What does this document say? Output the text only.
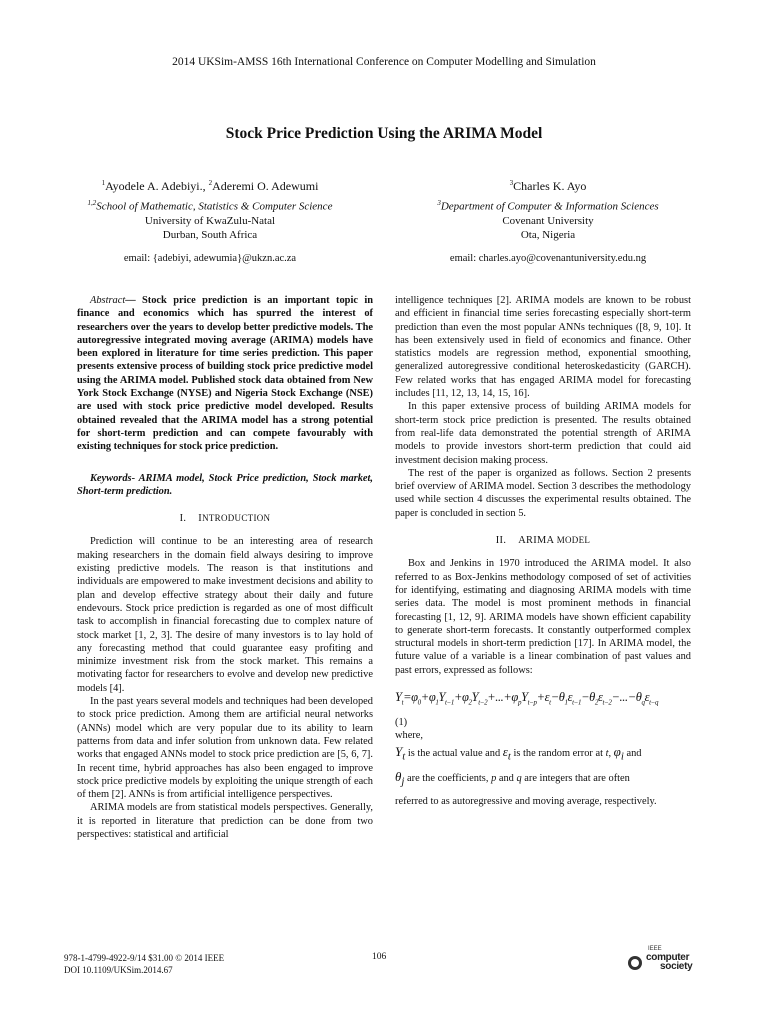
2014 UKSim-AMSS 16th International Conference on Computer Modelling and Simulation
Stock Price Prediction Using the ARIMA Model
$^1$Ayodele A. Adebiyi., $^2$Aderemi O. Adewumi
$^{1,2}$School of Mathematic, Statistics & Computer Science
University of KwaZulu-Natal
Durban, South Africa
$^3$Charles K. Ayo
$^3$Department of Computer & Information Sciences
Covenant University
Ota, Nigeria
email: {adebiyi, adewumia}@ukzn.ac.za	email: charles.ayo@covenantuniversity.edu.ng

Abstract— Stock price prediction is an important topic in finance and economics which has spurred the interest of researchers over the years to develop better predictive models. The autoregressive integrated moving average (ARIMA) models have been explored in literature for time series prediction. This paper presents extensive process of building stock price predictive model using the ARIMA model. Published stock data obtained from New York Stock Exchange (NYSE) and Nigeria Stock Exchange (NSE) are used with stock price predictive model developed. Results obtained revealed that the ARIMA model has a strong potential for short-term prediction and can compete favourably with existing techniques for stock price prediction.

Keywords- ARIMA model, Stock Price prediction, Stock market, Short-term prediction.

I. INTRODUCTION

Prediction will continue to be an interesting area of research making researchers in the domain field always desiring to improve existing predictive models. The reason is that institutions and individuals are empowered to make investment decisions and ability to plan and develop effective strategy about their daily and future endevours. Stock price prediction is regarded as one of most difficult task to accomplish in financial forecasting due to complex nature of stock market [1, 2, 3]. The desire of many investors is to lay hold of any forecasting method that could guarantee easy profiting and minimize investment risk from the stock market. This remains a motivating factor for researchers to evolve and develop new predictive models [4].

In the past years several models and techniques had been developed to stock price prediction. Among them are artificial neural networks (ANNs) model which are very popular due to its ability to learn patterns from data and infer solution from unknown data. Few related works that engaged ANNs model to stock price prediction are [5, 6, 7]. In recent time, hybrid approaches has also been engaged to improve stock price predictive models by exploiting the unique strength of each of them [2]. ANNs is from artificial intelligence perspectives.

ARIMA models are from statistical models perspectives. Generally, it is reported in literature that prediction can be done from two perspectives: statistical and artificial

intelligence techniques [2]. ARIMA models are known to be robust and efficient in financial time series forecasting especially short-term prediction than even the most popular ANNs techniques ([8, 9, 10]. It has been extensively used in field of economics and finance. Other statistics models are regression method, exponential smoothing, generalized autoregressive conditional heteroskedasticity (GARCH). Few related works that has engaged ARIMA model for forecasting includes [11, 12, 13, 14, 15, 16].

In this paper extensive process of building ARIMA models for short-term stock price prediction is presented. The results obtained from real-life data demonstrated the potential strength of ARIMA models to provide investors short-term prediction that could aid investment decision making process.

The rest of the paper is organized as follows. Section 2 presents brief overview of ARIMA model. Section 3 describes the methodology used while section 4 discusses the experimental results obtained. The paper is concluded in section 5.

II. ARIMA MODEL

Box and Jenkins in 1970 introduced the ARIMA model. It also referred to as Box-Jenkins methodology composed of set of activities for identifying, estimating and diagnosing ARIMA models with time series data. The model is most prominent methods in financial forecasting [1, 12, 9]. ARIMA models have shown efficient capability to generate short-term forecasts. It constantly outperformed complex structural models in short-term prediction [17]. In ARIMA model, the future value of a variable is a linear combination of past values and past errors, expressed as follows:

$Y_t=\varphi_0+\varphi_1Y_{t-1}+\varphi_2Y_{t-2}+...+\varphi_pY_{t-p}+\varepsilon_t-\theta_1\varepsilon_{t-1}-\theta_2\varepsilon_{t-2}-...-\theta_q\varepsilon_{t-q}$

(1)

where,

$Y_t$ is the actual value and $\varepsilon_t$ is the random error at t, $\varphi_i$ and

$\theta_j$ are the coefficients, p and q are integers that are often

referred to as autoregressive and moving average, respectively.

978-1-4799-4922-9/14 $31.00 © 2014 IEEE
DOI 10.1109/UKSim.2014.67
106
IEEE
computer
society
